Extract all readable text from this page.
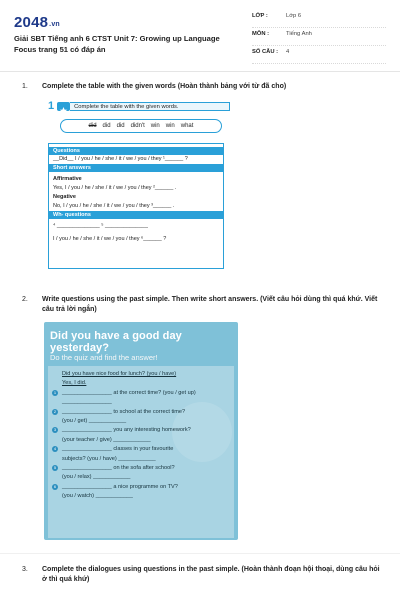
2048.vn
Giải SBT Tiếng anh 6 CTST Unit 7: Growing up Language Focus trang 51 có đáp án
LỚP :	Lớp 6
MÔN :	Tiếng Anh
SỐ CÂU :	4
1. Complete the table with the given words (Hoàn thành bảng với từ đã cho)
1	Complete the table with the given words.
did did did didn't win win what
Questions
__Did__ I / you / he / she / it / we / you / they ¹______ ?
Short answers
Affirmative
Yes, I / you / he / she / it / we / you / they ²______ .
Negative
No, I / you / he / she / it / we / you / they ³______ .
Wh- questions
⁴ ______________ ⁵ ______________
I / you / he / she / it / we / you / they ⁶______ ?
2. Write questions using the past simple. Then write short answers. (Viết câu hỏi dùng thì quá khứ. Viết câu trả lời ngắn)
Did you have a good day yesterday?
Do the quiz and find the answer!
Did you have nice food for lunch? (you / have)
Yes, I did.
1	________________ at the correct time? (you / get up)
________________
2	________________ to school at the correct time?
(you / get) ____________
3	________________ you any interesting homework?
(your teacher / give) ____________
4	________________ classes in your favourite
subjects? (you / have) ____________
5	________________ on the sofa after school?
(you / relax) ____________
6	________________ a nice programme on TV?
(you / watch) ____________
3. Complete the dialogues using questions in the past simple. (Hoàn thành đoạn hội thoại, dùng câu hỏi ở thì quá khứ)
